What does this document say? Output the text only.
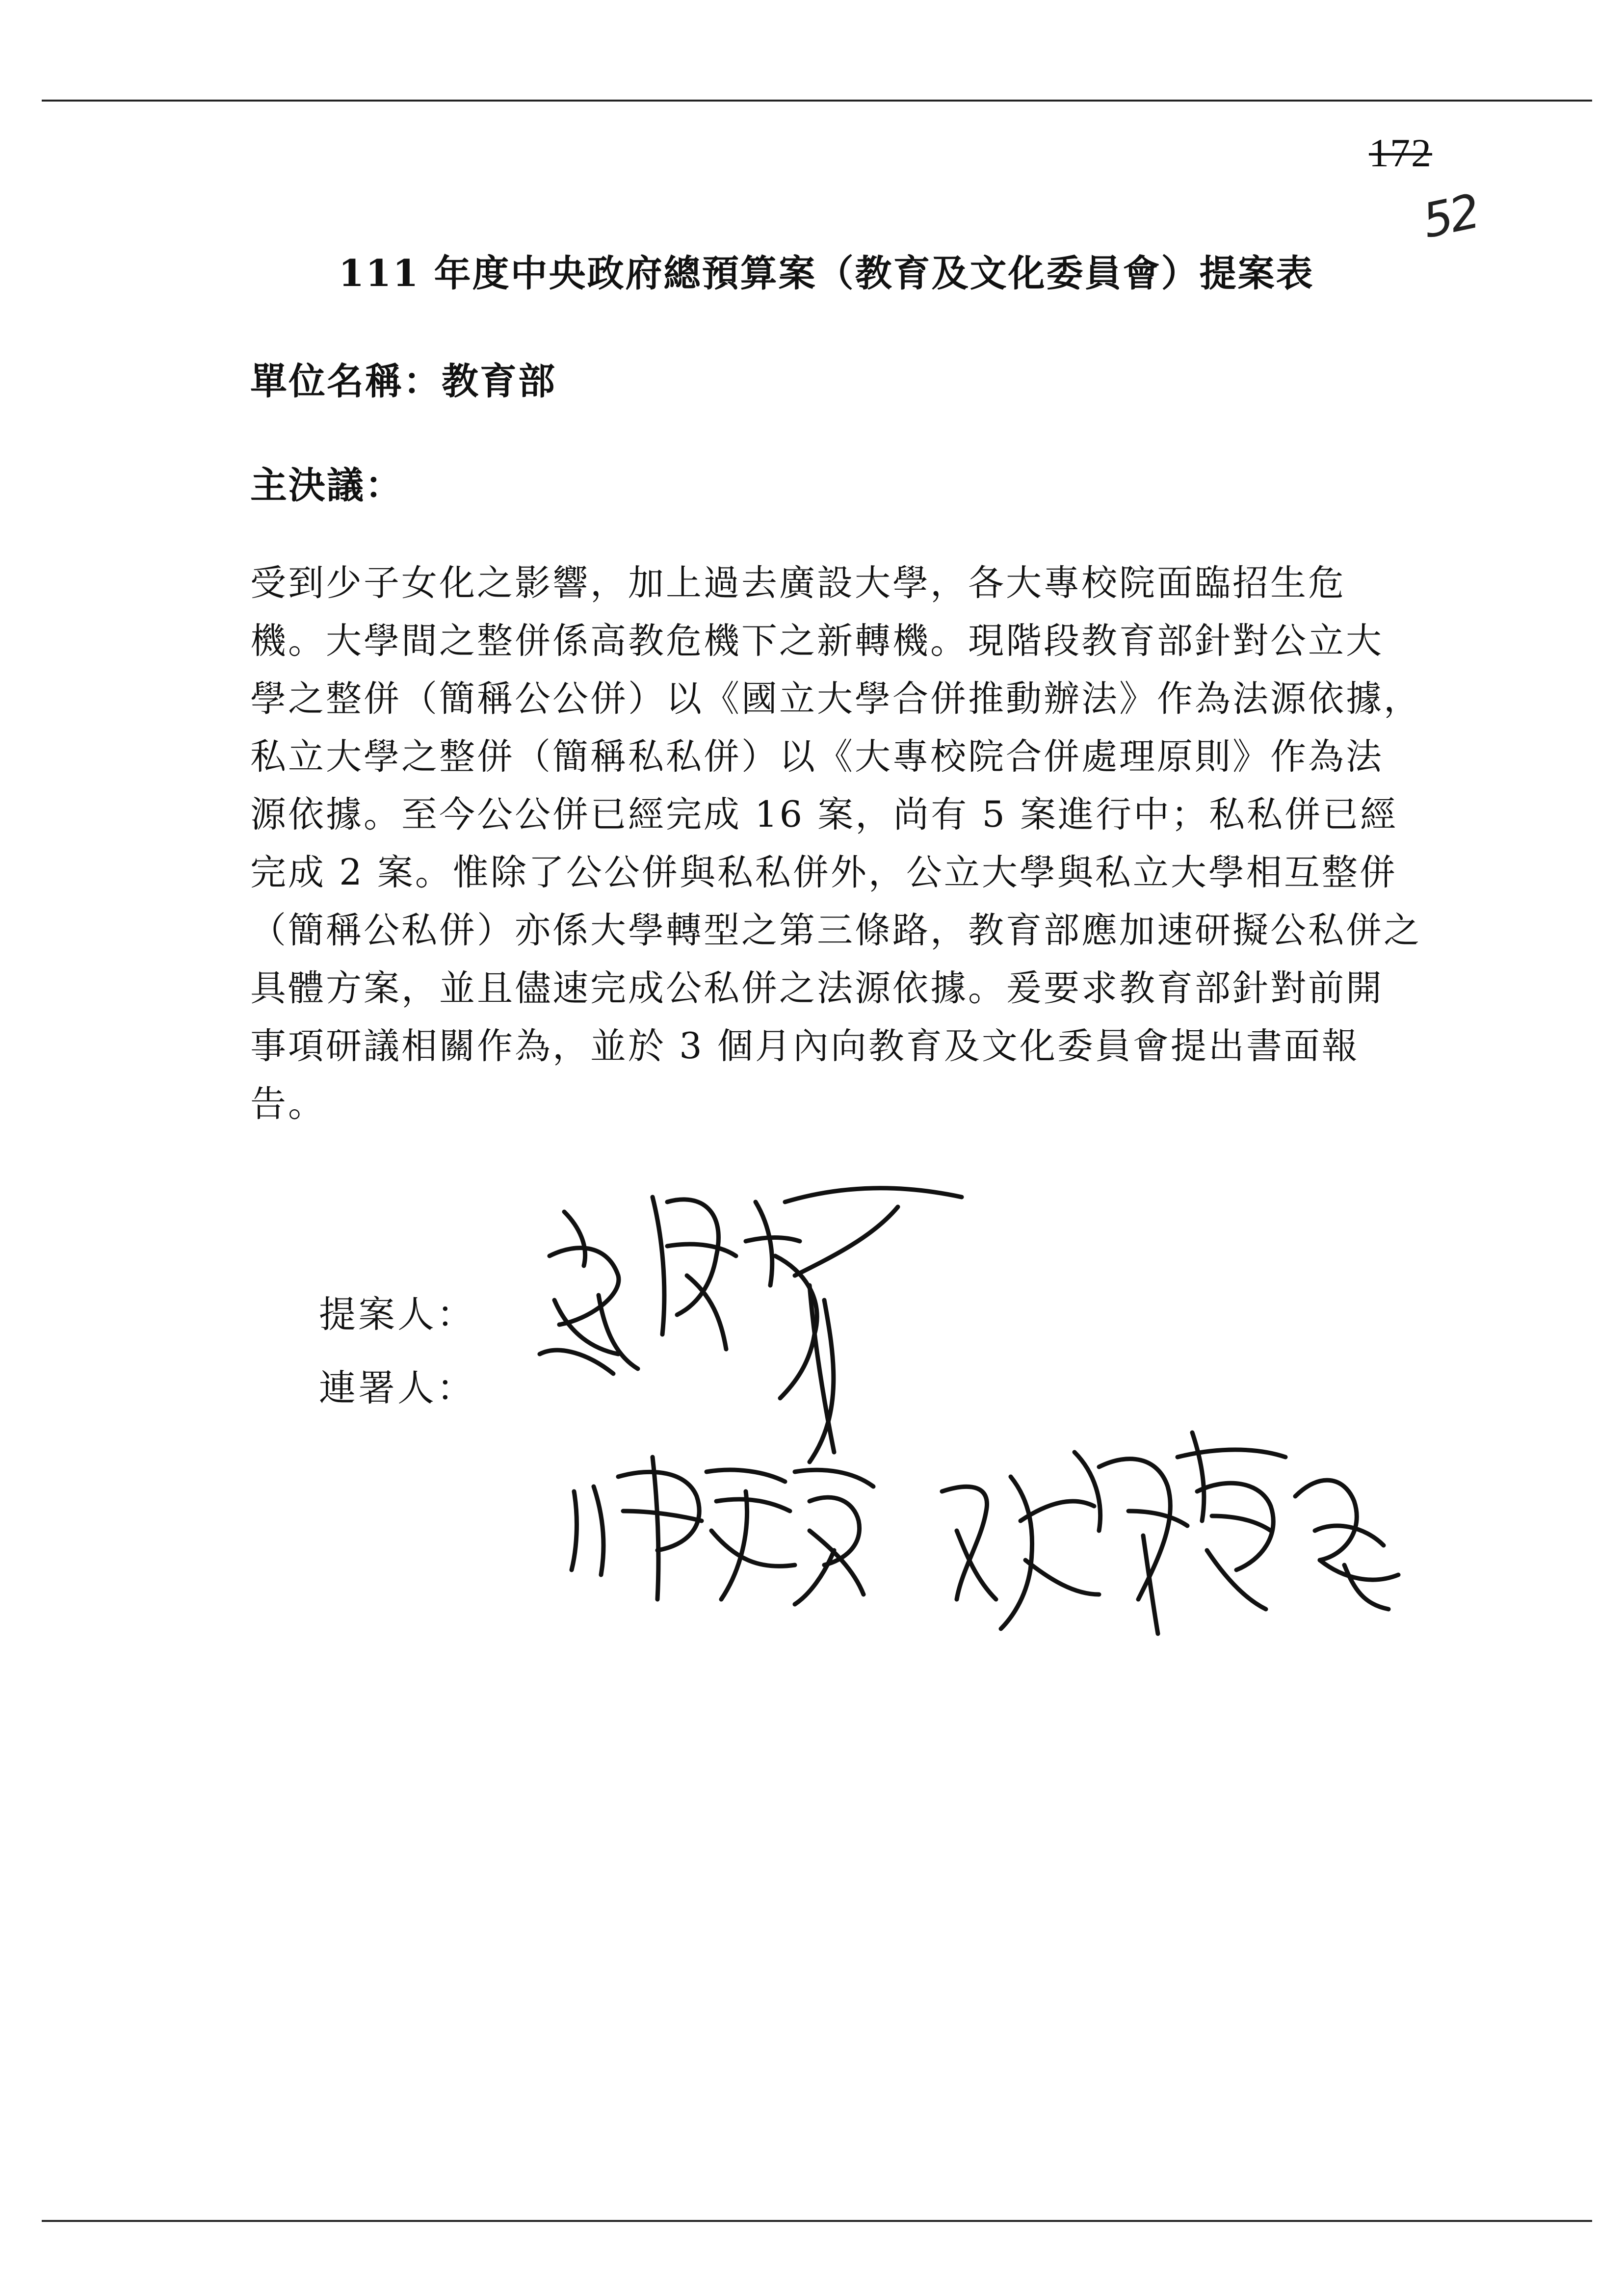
172
52
111 年度中央政府總預算案（教育及文化委員會）提案表
單位名稱：教育部
主決議：
受到少子女化之影響，加上過去廣設大學，各大專校院面臨招生危
機。大學間之整併係高教危機下之新轉機。現階段教育部針對公立大
學之整併（簡稱公公併）以《國立大學合併推動辦法》作為法源依據，
私立大學之整併（簡稱私私併）以《大專校院合併處理原則》作為法
源依據。至今公公併已經完成 16 案，尚有 5 案進行中；私私併已經
完成 2 案。惟除了公公併與私私併外，公立大學與私立大學相互整併
（簡稱公私併）亦係大學轉型之第三條路，教育部應加速研擬公私併之
具體方案，並且儘速完成公私併之法源依據。爰要求教育部針對前開
事項研議相關作為，並於 3 個月內向教育及文化委員會提出書面報
告。
提案人：
連署人：
